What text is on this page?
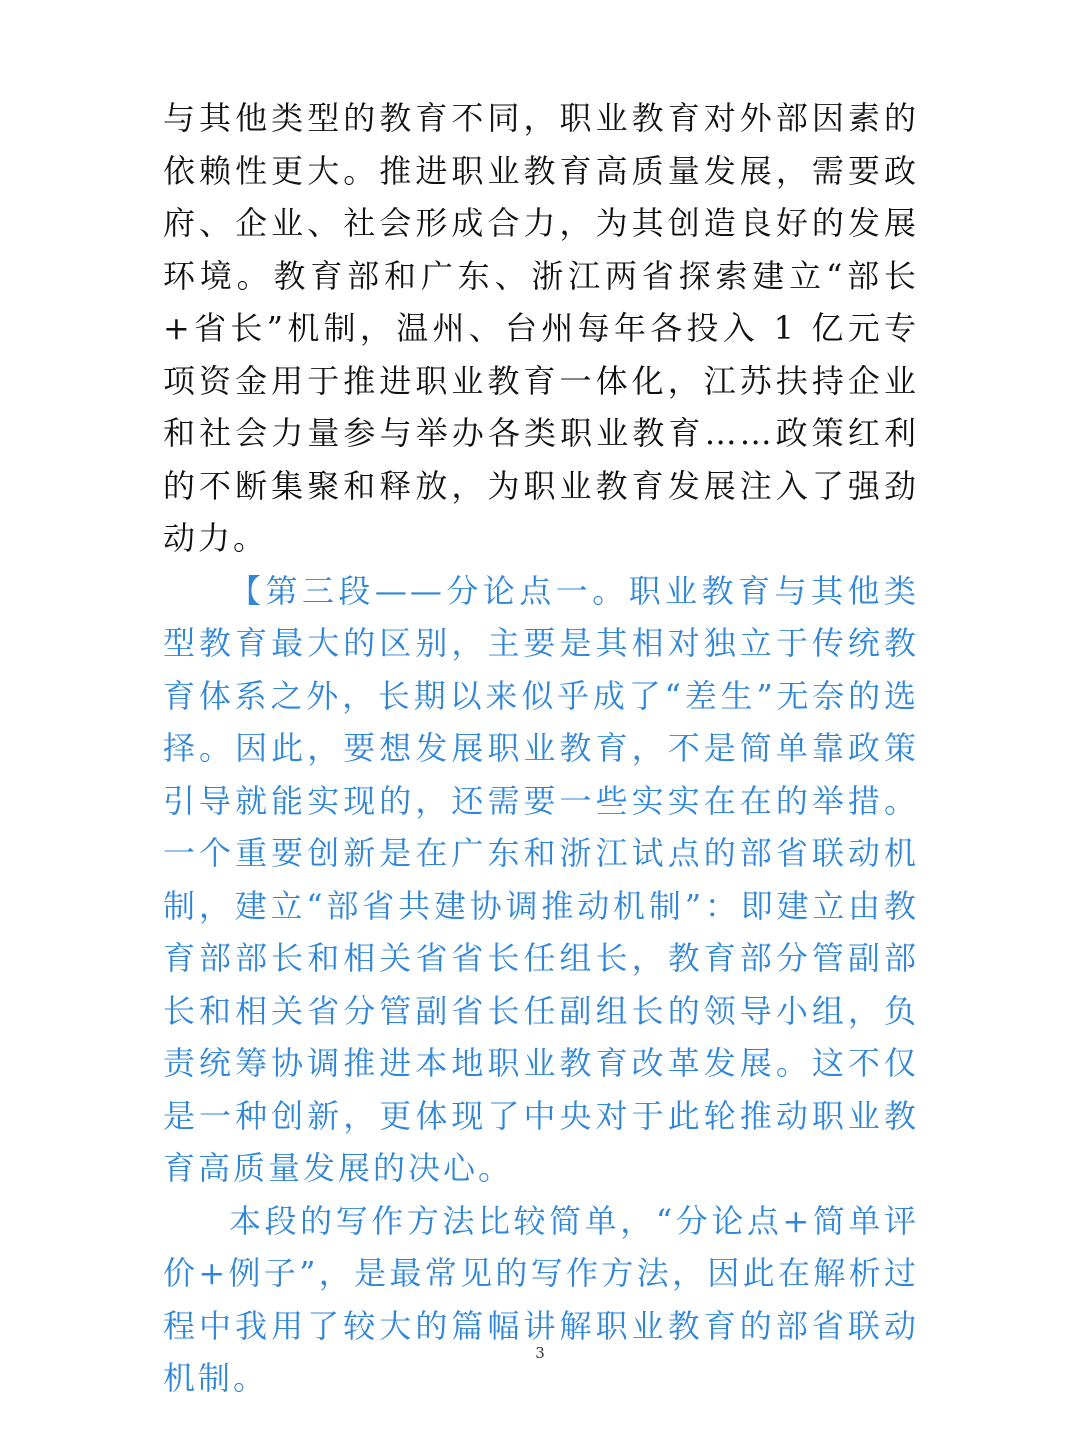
与其他类型的教育不同，职业教育对外部因素的依赖性更大。推进职业教育高质量发展，需要政府、企业、社会形成合力，为其创造良好的发展环境。教育部和广东、浙江两省探索建立“部长+省长”机制，温州、台州每年各投入 1 亿元专项资金用于推进职业教育一体化，江苏扶持企业和社会力量参与举办各类职业教育……政策红利的不断集聚和释放，为职业教育发展注入了强劲动力。

【第三段——分论点一。职业教育与其他类型教育最大的区别，主要是其相对独立于传统教育体系之外，长期以来似乎成了“差生”无奈的选择。因此，要想发展职业教育，不是简单靠政策引导就能实现的，还需要一些实实在在的举措。一个重要创新是在广东和浙江试点的部省联动机制，建立“部省共建协调推动机制”：即建立由教育部部长和相关省省长任组长，教育部分管副部长和相关省分管副省长任副组长的领导小组，负责统筹协调推进本地职业教育改革发展。这不仅是一种创新，更体现了中央对于此轮推动职业教育高质量发展的决心。

本段的写作方法比较简单，“分论点+简单评价+例子”，是最常见的写作方法，因此在解析过程中我用了较大的篇幅讲解职业教育的部省联动机制。

3
